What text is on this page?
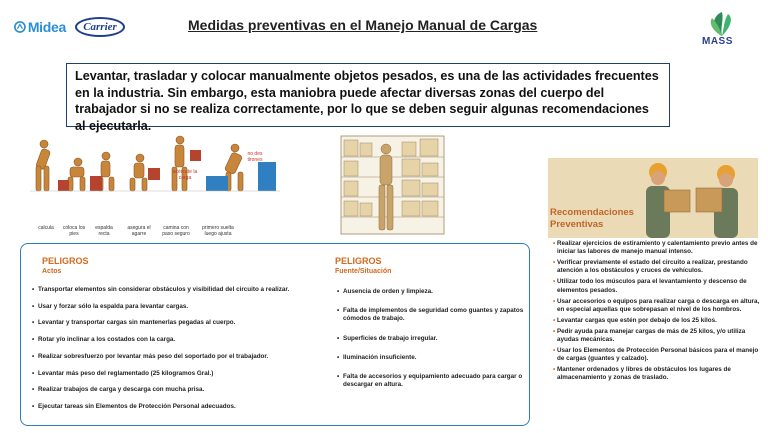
Midea Carrier	Medidas preventivas en el Manejo Manual de Cargas
MASS

Levantar, trasladar y colocar manualmente objetos pesados, es una de las actividades frecuentes en la industria. Sin embargo, esta maniobra puede afectar diversas zonas del cuerpo del trabajador si no se realiza correctamente, por lo que se deben seguir algunas recomendaciones al ejecutarla.

calcula	coloca los pies
espalda recta
asegura el agarre
camina con paso seguro
primero suelta luego ajusta
acércate la carga
no des tirones
Recomendaciones
Preventivas
• Realizar ejercicios de estiramiento y calentamiento previo antes de iniciar las labores de manejo manual intenso.
• Verificar previamente el estado del circuito a realizar, prestando atención a los obstáculos y cruces de vehículos.
• Utilizar todo los músculos para el levantamiento y descenso de elementos pesados.
• Usar accesorios o equipos para realizar carga o descarga en altura, en especial aquellas que sobrepasan el nivel de los hombros.
• Levantar cargas que estén por debajo de los 25 kilos.
• Pedir ayuda para manejar cargas de más de 25 kilos, y/o utiliza ayudas mecánicas.
• Usar los Elementos de Protección Personal básicos para el manejo de cargas (guantes y calzado).
• Mantener ordenados y libres de obstáculos los lugares de almacenamiento y zonas de traslado.
PELIGROS
Actos
• Transportar elementos sin considerar obstáculos y visibilidad del circuito a realizar.
• Usar y forzar sólo la espalda para levantar cargas.
• Levantar y transportar cargas sin mantenerlas pegadas al cuerpo.
• Rotar y/o inclinar a los costados con la carga.
• Realizar sobresfuerzo por levantar más peso del soportado por el trabajador.
• Levantar más peso del reglamentado (25 kilogramos Gral.)
• Realizar trabajos de carga y descarga con mucha prisa.
• Ejecutar tareas sin Elementos de Protección Personal adecuados.
PELIGROS
Fuente/Situación
• Ausencia de orden y limpieza.
• Falta de implementos de seguridad como guantes y zapatos cómodos de trabajo.
• Superficies de trabajo irregular.
• Iluminación insuficiente.
• Falta de accesorios y equipamiento adecuado para cargar o descargar en altura.
